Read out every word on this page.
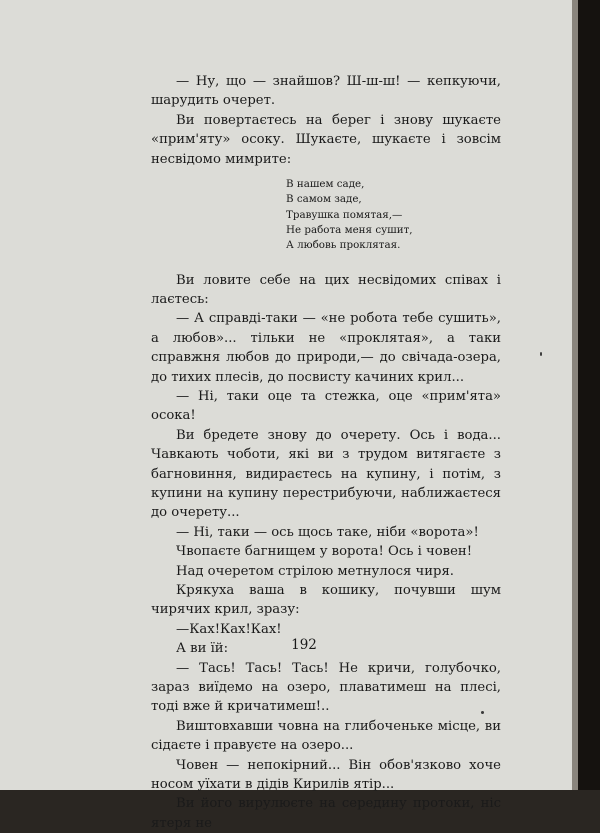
— Ну, що — знайшов? Ш-ш-ш! — кепкуючи, шарудить очерет.

Ви повертаєтесь на берег і знову шукаєте «прим'яту» осоку. Шукаєте, шукаєте і зовсім несвідомо мимрите:

В нашем саде,
В самом заде,
Травушка помятая,—
Не работа меня сушит,
А любовь проклятая.

Ви ловите себе на цих несвідомих співах і лаєтесь:

— А справді-таки — «не робота тебе сушить», а любов»... тільки не «проклятая», а таки справжня любов до природи,— до свічада-озера, до тихих плесів, до посвисту качиних крил...

— Ні, таки оце та стежка, оце «прим'ята» осока!

Ви бредете знову до очерету. Ось і вода... Чавкають чоботи, які ви з трудом витягаєте з багновиння, видираєтесь на купину, і потім, з купини на купину перестрибуючи, наближаєтеся до очерету...

— Ні, таки — ось щось таке, ніби «ворота»!

Чвопаєте багнищем у ворота! Ось і човен!

Над очеретом стрілою метнулося чиря.

Крякуха ваша в кошику, почувши шум чирячих крил, зразу:

—Ках!Ках!Ках!

А ви їй:

— Тась! Тась! Тась! Не кричи, голубочко, зараз виїдемо на озеро, плаватимеш на плесі, тоді вже й кричатимеш!..

Виштовхавши човна на глибоченьке місце, ви сідаєте і правуєте на озеро...

Човен — непокірний... Він обов'язково хоче носом уїхати в дідів Кирилів ятір...

Ви його вирулюєте на середину протоки, ніс ятеря не

192
